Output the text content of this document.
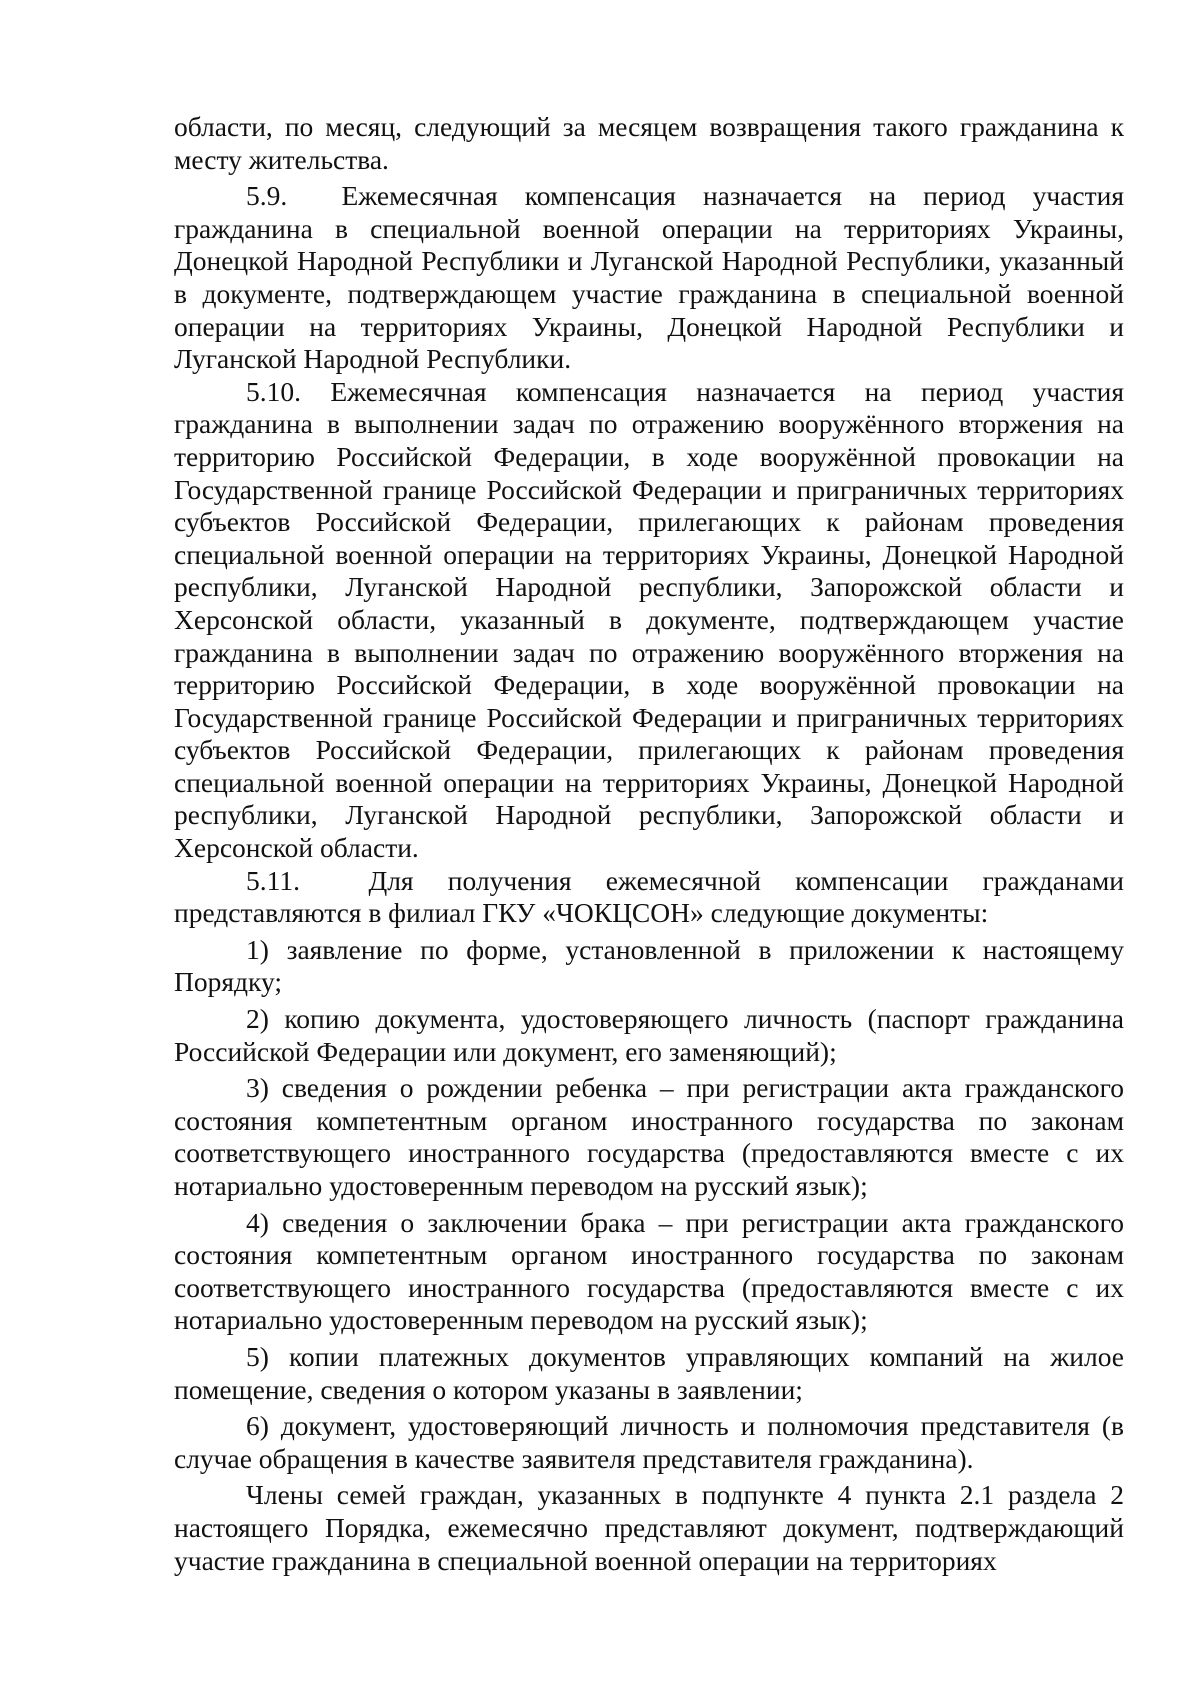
области, по месяц, следующий за месяцем возвращения такого гражданина к месту жительства.

5.9.  Ежемесячная компенсация назначается на период участия гражданина в специальной военной операции на территориях Украины, Донецкой Народной Республики и Луганской Народной Республики, указанный в документе, подтверждающем участие гражданина в специальной военной операции на территориях Украины, Донецкой Народной Республики и Луганской Народной Республики.

5.10. Ежемесячная компенсация назначается на период участия гражданина в выполнении задач по отражению вооружённого вторжения на территорию Российской Федерации, в ходе вооружённой провокации на Государственной границе Российской Федерации и приграничных территориях субъектов Российской Федерации, прилегающих к районам проведения специальной военной операции на территориях Украины, Донецкой Народной республики, Луганской Народной республики, Запорожской области и Херсонской области, указанный в документе, подтверждающем участие гражданина в выполнении задач по отражению вооружённого вторжения на территорию Российской Федерации, в ходе вооружённой провокации на Государственной границе Российской Федерации и приграничных территориях субъектов Российской Федерации, прилегающих к районам проведения специальной военной операции на территориях Украины, Донецкой Народной республики, Луганской Народной республики, Запорожской области и Херсонской области.

5.11.  Для получения ежемесячной компенсации гражданами представляются в филиал ГКУ «ЧОКЦСОН» следующие документы:

1) заявление по форме, установленной в приложении к настоящему Порядку;

2) копию документа, удостоверяющего личность (паспорт гражданина Российской Федерации или документ, его заменяющий);

3) сведения о рождении ребенка – при регистрации акта гражданского состояния компетентным органом иностранного государства по законам соответствующего иностранного государства (предоставляются вместе с их нотариально удостоверенным переводом на русский язык);

4) сведения о заключении брака – при регистрации акта гражданского состояния компетентным органом иностранного государства по законам соответствующего иностранного государства (предоставляются вместе с их нотариально удостоверенным переводом на русский язык);

5) копии платежных документов управляющих компаний на жилое помещение, сведения о котором указаны в заявлении;

6) документ, удостоверяющий личность и полномочия представителя (в случае обращения в качестве заявителя представителя гражданина).

Члены семей граждан, указанных в подпункте 4 пункта 2.1 раздела 2 настоящего Порядка, ежемесячно представляют документ, подтверждающий участие гражданина в специальной военной операции на территориях
